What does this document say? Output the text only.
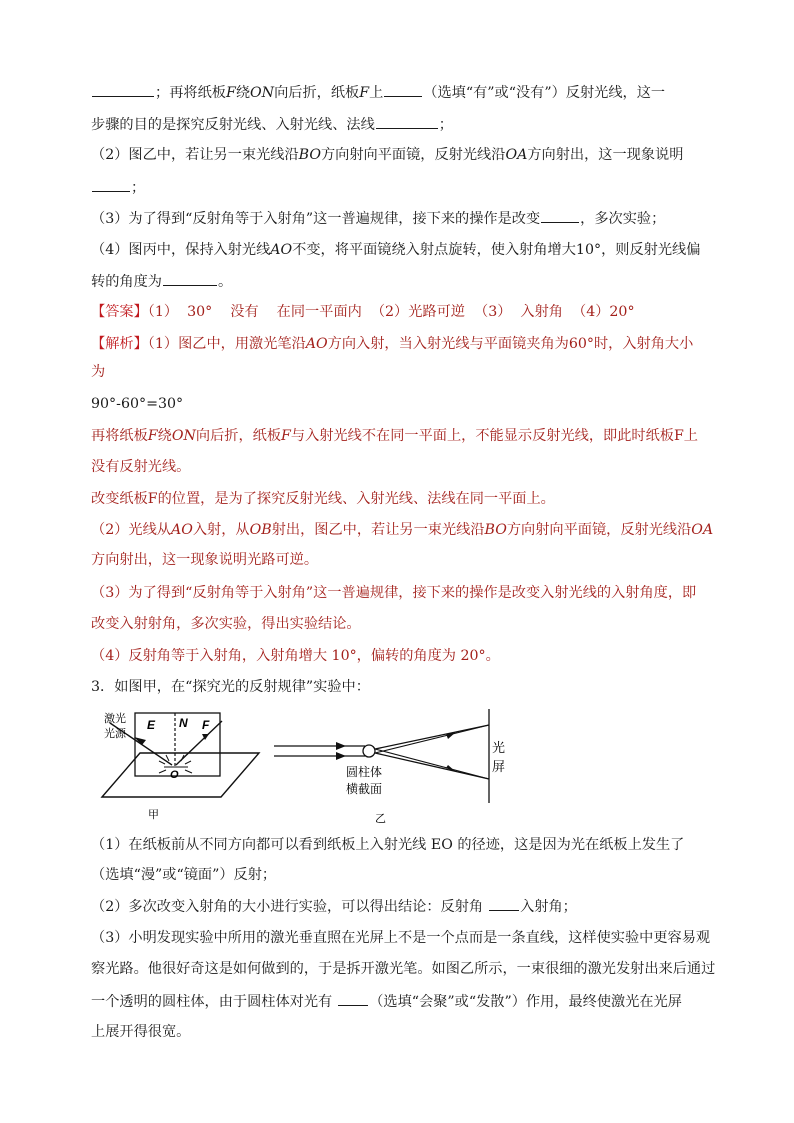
；再将纸板F绕ON向后折，纸板F上	（选填“有”或“没有”）反射光线，这一
步骤的目的是探究反射光线、入射光线、法线	；
（2）图乙中，若让另一束光线沿BO方向射向平面镜，反射光线沿OA方向射出，这一现象说明
；
（3）为了得到“反射角等于入射角”这一普遍规律，接下来的操作是改变	，多次实验；
（4）图丙中，保持入射光线AO不变，将平面镜绕入射点旋转，使入射角增大10°，则反射光线偏
转的角度为	。
【答案】（1）  30°    没有    在同一平面内  （2）光路可逆  （3）  入射角  （4）20°
【解析】（1）图乙中，用激光笔沿AO方向入射，当入射光线与平面镜夹角为60°时，入射角大小
为
90°-60°=30°
再将纸板F绕ON向后折，纸板F与入射光线不在同一平面上，不能显示反射光线，即此时纸板F上
没有反射光线。
改变纸板F的位置，是为了探究反射光线、入射光线、法线在同一平面上。
（2）光线从AO入射，从OB射出，图乙中，若让另一束光线沿BO方向射向平面镜，反射光线沿OA
方向射出，这一现象说明光路可逆。
（3）为了得到“反射角等于入射角”这一普遍规律，接下来的操作是改变入射光线的入射角度，即
改变入射射角，多次实验，得出实验结论。
（4）反射角等于入射角，入射角增大 10°，偏转的角度为 20°。
3．如图甲，在“探究光的反射规律”实验中：
激光
光源
E N F
O
甲
圆柱体
横截面
光
屏
乙
（1）在纸板前从不同方向都可以看到纸板上入射光线 EO 的径迹，这是因为光在纸板上发生了
（选填“漫”或“镜面”）反射；
（2）多次改变入射角的大小进行实验，可以得出结论：反射角	入射角；
（3）小明发现实验中所用的激光垂直照在光屏上不是一个点而是一条直线，这样使实验中更容易观
察光路。他很好奇这是如何做到的，于是拆开激光笔。如图乙所示，一束很细的激光发射出来后通过
一个透明的圆柱体，由于圆柱体对光有	（选填“会聚”或“发散”）作用，最终使激光在光屏
上展开得很宽。
